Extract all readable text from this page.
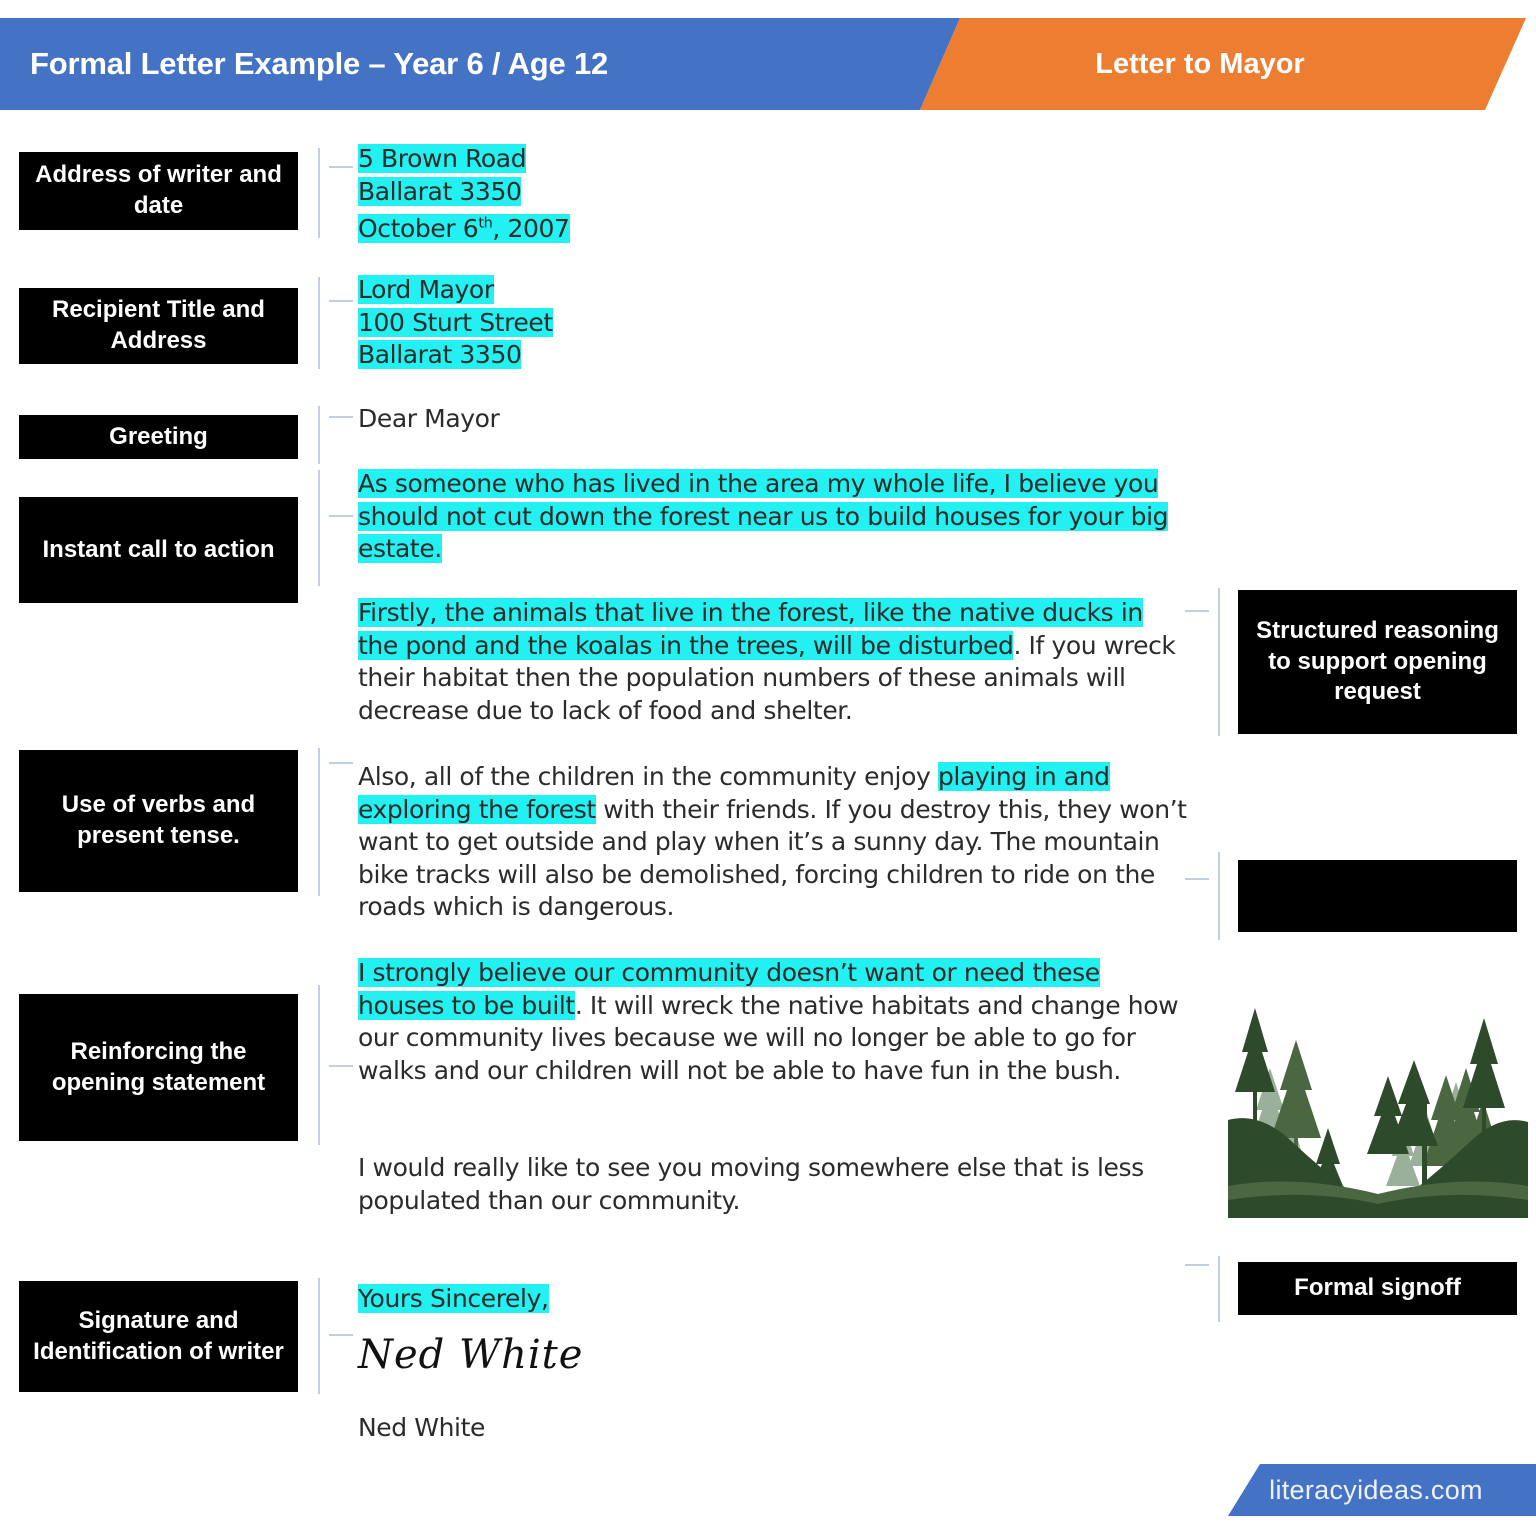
Formal Letter Example – Year 6 / Age 12	Letter to Mayor
Address of writer and date
Recipient Title and Address
Greeting
Instant call to action
Use of verbs and present tense.
Reinforcing the opening statement
Signature and Identification of writer
Structured reasoning to support opening request
Formal signoff
5 Brown Road
Ballarat 3350
October 6th, 2007
Lord Mayor
100 Sturt Street
Ballarat 3350
Dear Mayor
As someone who has lived in the area my whole life, I believe you should not cut down the forest near us to build houses for your big estate.
Firstly, the animals that live in the forest, like the native ducks in the pond and the koalas in the trees, will be disturbed. If you wreck their habitat then the population numbers of these animals will decrease due to lack of food and shelter.
Also, all of the children in the community enjoy playing in and exploring the forest with their friends. If you destroy this, they won’t want to get outside and play when it’s a sunny day. The mountain bike tracks will also be demolished, forcing children to ride on the roads which is dangerous.
I strongly believe our community doesn’t want or need these houses to be built. It will wreck the native habitats and change how our community lives because we will no longer be able to go for walks and our children will not be able to have fun in the bush.
I would really like to see you moving somewhere else that is less populated than our community.
Yours Sincerely,
Ned White
Ned White
literacyideas.com
